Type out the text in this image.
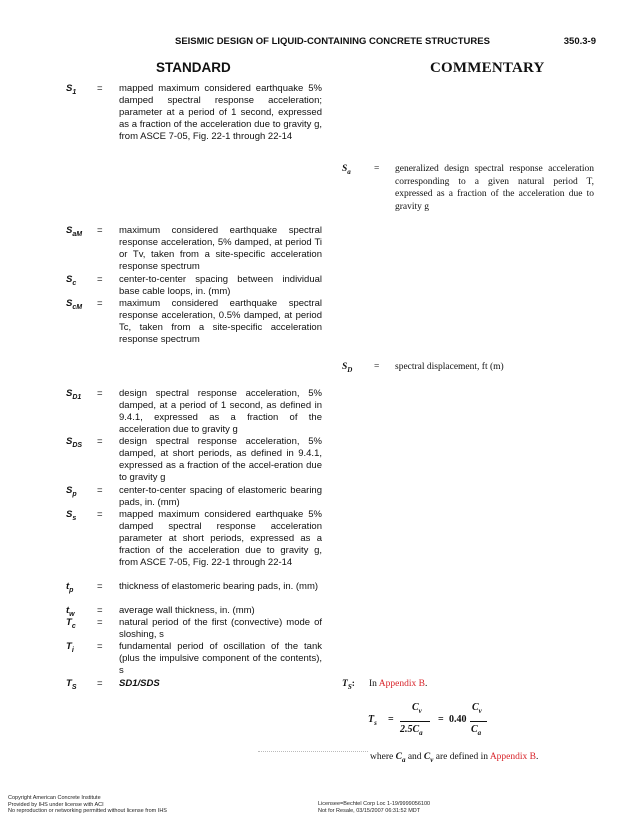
SEISMIC DESIGN OF LIQUID-CONTAINING CONCRETE STRUCTURES	350.3-9
STANDARD	COMMENTARY
$S_1$ = mapped maximum considered earthquake 5% damped spectral response acceleration; parameter at a period of 1 second, expressed as a fraction of the acceleration due to gravity g, from ASCE 7-05, Fig. 22-1 through 22-14
$S_{aM}$ = maximum considered earthquake spectral response acceleration, 5% damped, at period Ti or Tv, taken from a site-specific acceleration response spectrum
$S_c$ = center-to-center spacing between individual base cable loops, in. (mm)
$S_{cM}$ = maximum considered earthquake spectral response acceleration, 0.5% damped, at period Tc, taken from a site-specific acceleration response spectrum
$S_{D1}$ = design spectral response acceleration, 5% damped, at a period of 1 second, as defined in 9.4.1, expressed as a fraction of the acceleration due to gravity g
$S_{DS}$ = design spectral response acceleration, 5% damped, at short periods, as defined in 9.4.1, expressed as a fraction of the accel-eration due to gravity g
$S_p$ = center-to-center spacing of elastomeric bearing pads, in. (mm)
$S_s$ = mapped maximum considered earthquake 5% damped spectral response acceleration parameter at short periods, expressed as a fraction of the acceleration due to gravity g, from ASCE 7-05, Fig. 22-1 through 22-14
$t_p$ = thickness of elastomeric bearing pads, in. (mm)
$t_w$ = average wall thickness, in. (mm)
$T_c$ = natural period of the first (convective) mode of sloshing, s
$T_i$ = fundamental period of oscillation of the tank (plus the impulsive component of the contents), s
$T_S = SD1/SDS$
$S_a$ = generalized design spectral response acceleration corresponding to a given natural period T, expressed as a fraction of the acceleration due to gravity g
$S_D$ = spectral displacement, ft (m)
$T_S$: In Appendix B.
$T_s$ =
$C_v$
$2.5C_a$
= 0.40
$C_v$
$C_a$
where $C_a$ and $C_v$ are defined in Appendix B.
Copyright American Concrete Institute
Provided by IHS under license with ACI
No reproduction or networking permitted without license from IHS
Licensee=Bechtel Corp Loc 1-19/9999056100
Not for Resale, 03/15/2007 06:31:52 MDT
